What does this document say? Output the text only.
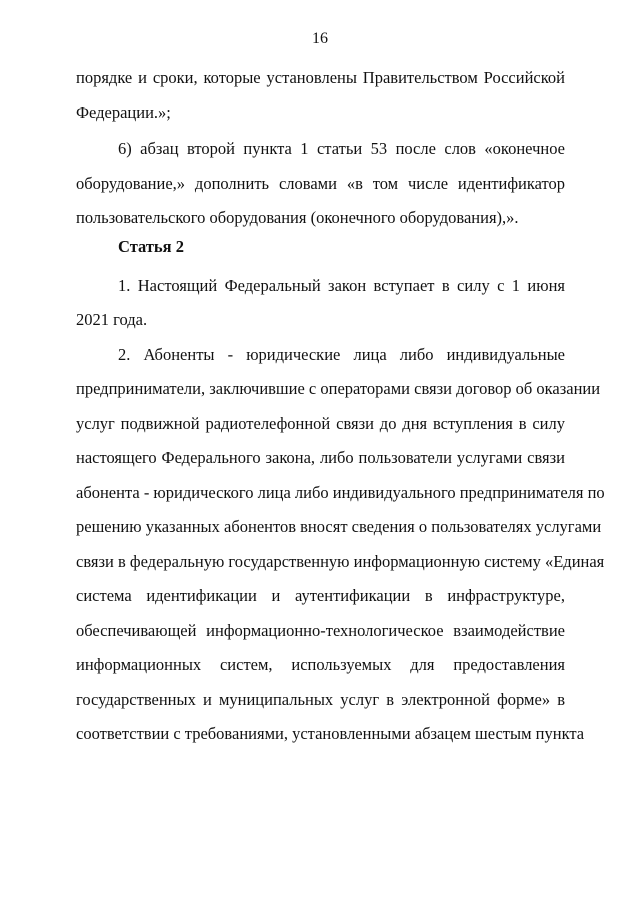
16
порядке и сроки, которые установлены Правительством Российской
Федерации.»;
6) абзац второй пункта 1 статьи 53 после слов «оконечное
оборудование,» дополнить словами «в том числе идентификатор
пользовательского оборудования (оконечного оборудования),».
Статья 2
1. Настоящий Федеральный закон вступает в силу с 1 июня
2021 года.
2. Абоненты - юридические лица либо индивидуальные
предприниматели, заключившие с операторами связи договор об оказании
услуг подвижной радиотелефонной связи до дня вступления в силу
настоящего Федерального закона, либо пользователи услугами связи
абонента - юридического лица либо индивидуального предпринимателя по
решению указанных абонентов вносят сведения о пользователях услугами
связи в федеральную государственную информационную систему «Единая
система идентификации и аутентификации в инфраструктуре,
обеспечивающей информационно-технологическое взаимодействие
информационных систем, используемых для предоставления
государственных и муниципальных услуг в электронной форме» в
соответствии с требованиями, установленными абзацем шестым пункта
